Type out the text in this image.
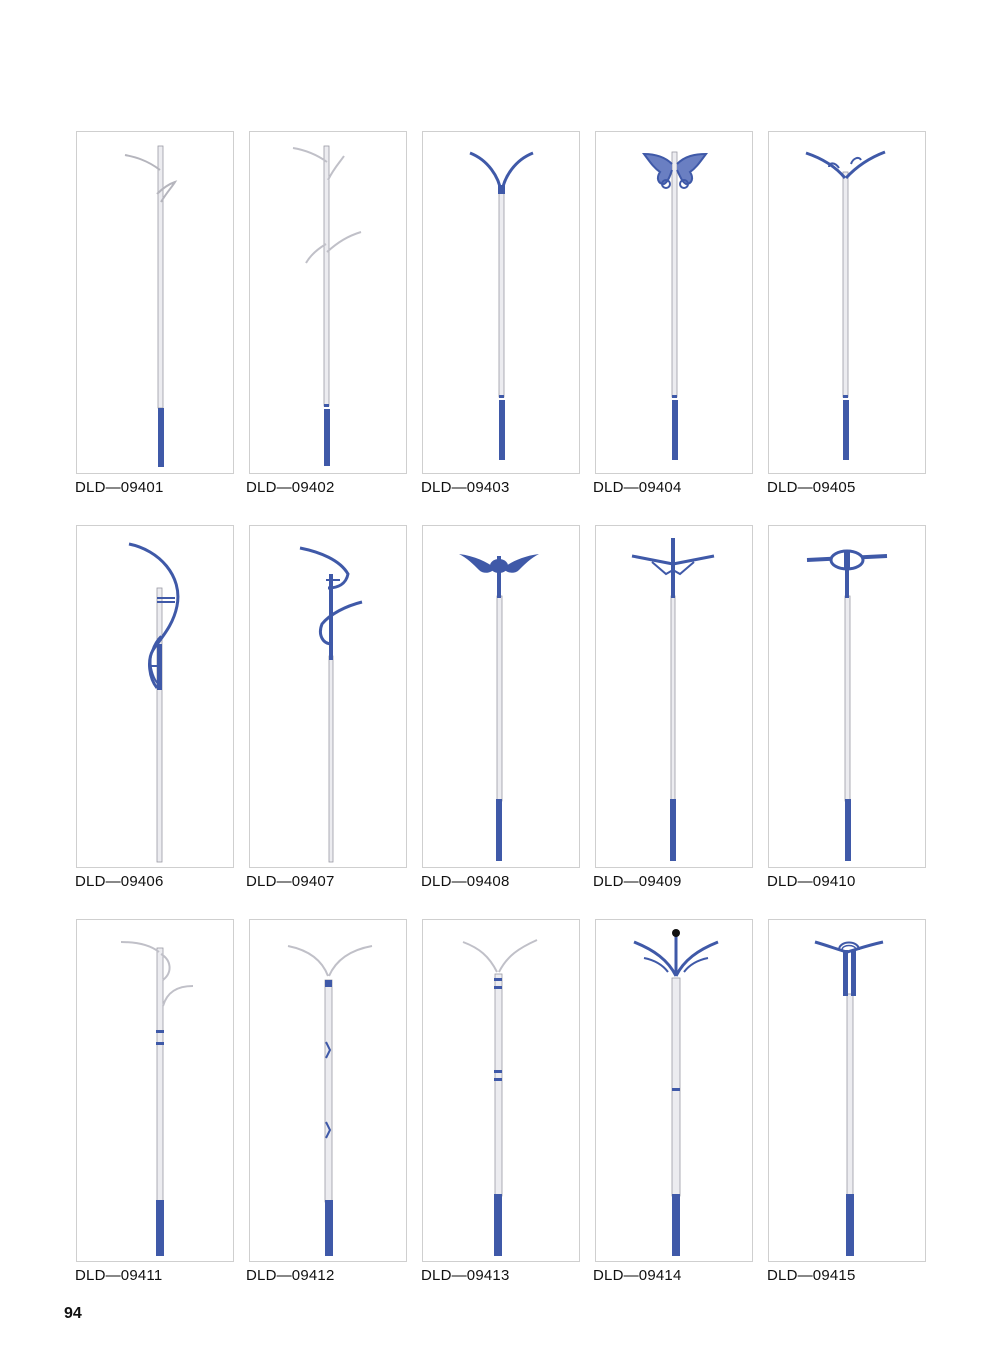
DLD—09401	DLD—09402	DLD—09403	DLD—09404	DLD—09405
DLD—09406	DLD—09407	DLD—09408	DLD—09409	DLD—09410
DLD—09411	DLD—09412	DLD—09413	DLD—09414	DLD—09415
94
